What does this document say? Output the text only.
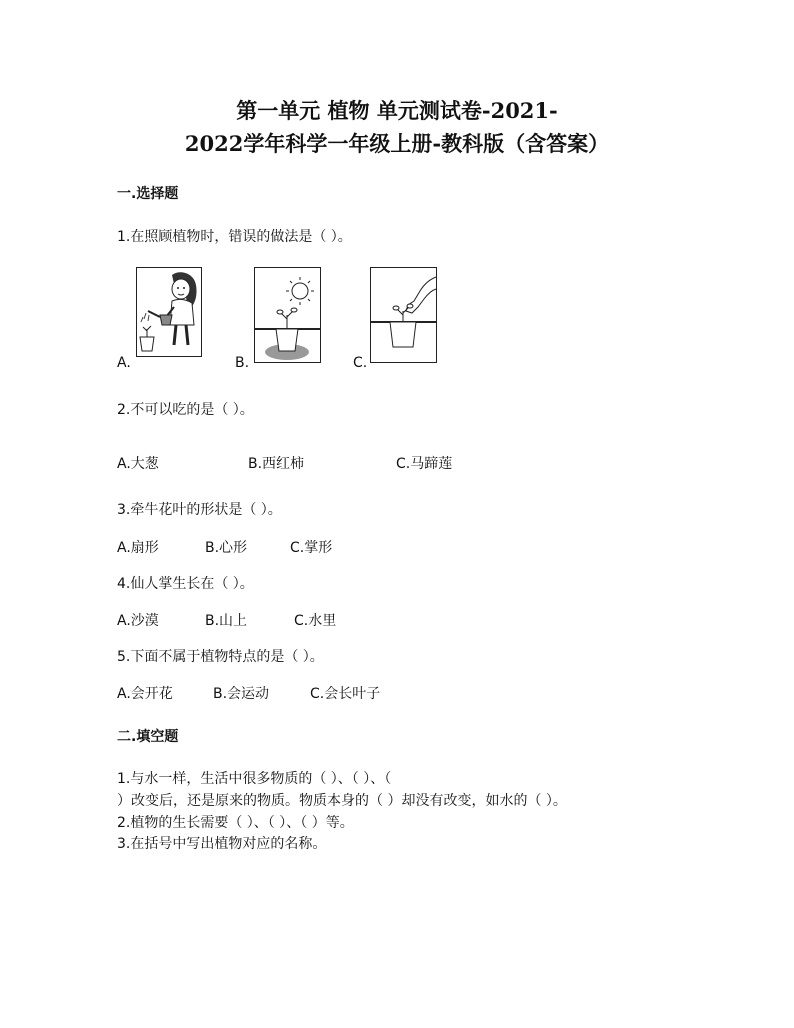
第一单元 植物 单元测试卷-2021-
2022学年科学一年级上册-教科版（含答案）
一.选择题
1.在照顾植物时，错误的做法是（ ）。
A.	B.	C.
2.不可以吃的是（ ）。
A.大葱	B.西红柿	C.马蹄莲
3.牵牛花叶的形状是（ ）。
A.扇形	B.心形	C.掌形
4.仙人掌生长在（ ）。
A.沙漠	B.山上	C.水里
5.下面不属于植物特点的是（ ）。
A.会开花	B.会运动	C.会长叶子
二.填空题
1.与水一样，生活中很多物质的（ ）、（ ）、（
）改变后，还是原来的物质。物质本身的（ ）却没有改变，如水的（ ）。
2.植物的生长需要（ ）、（ ）、（ ）等。
3.在括号中写出植物对应的名称。
